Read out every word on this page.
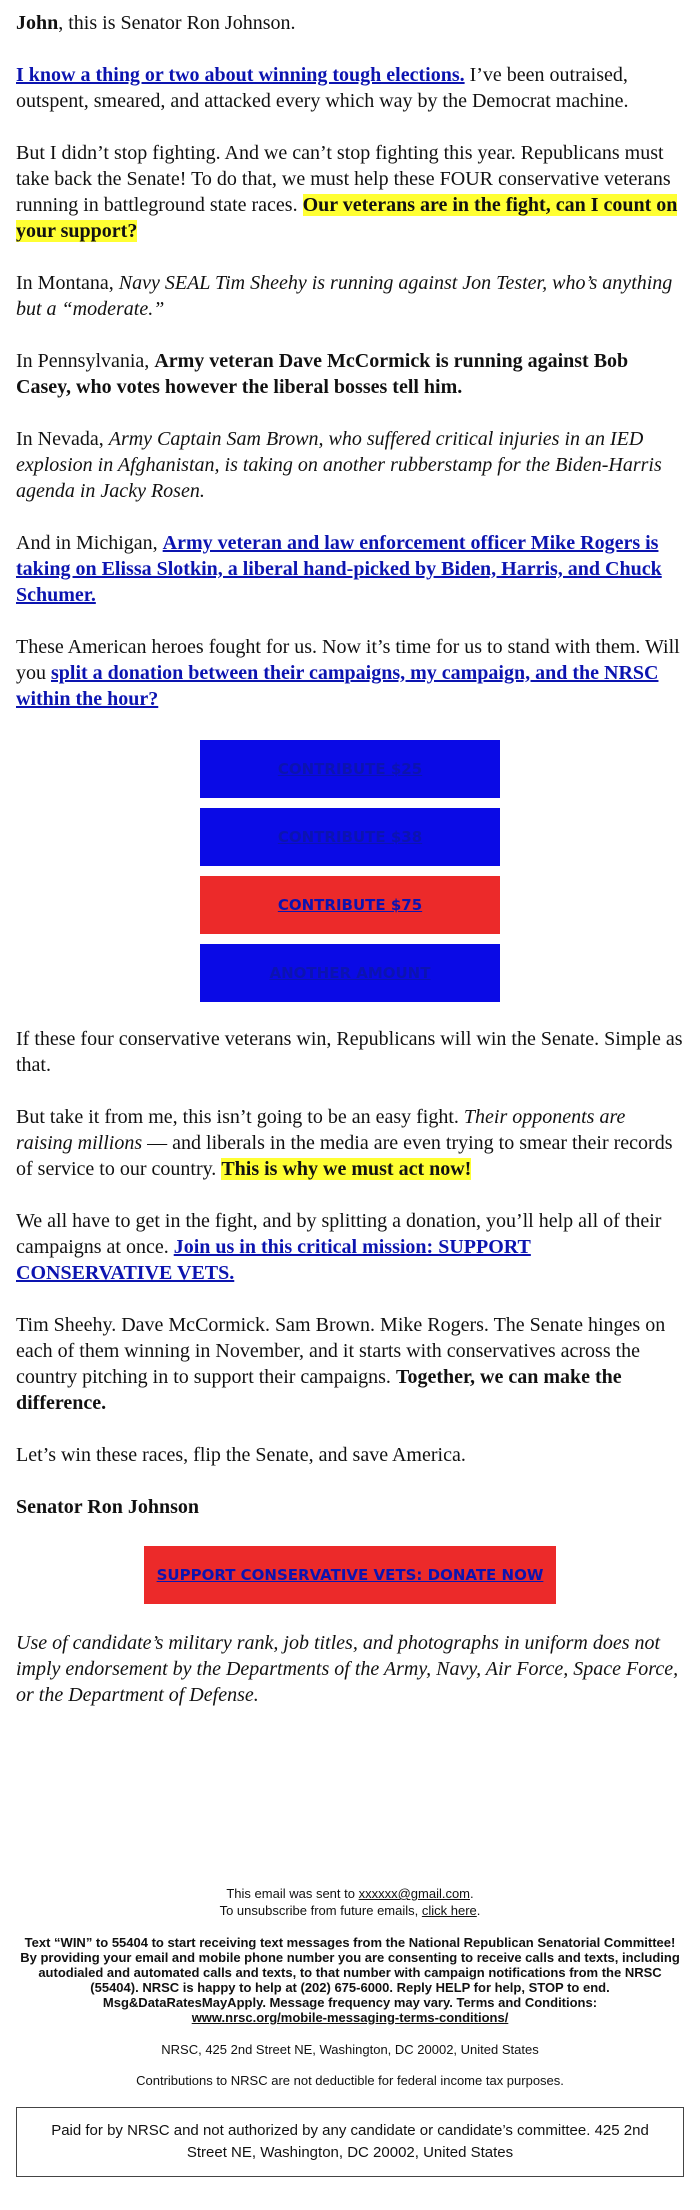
John, this is Senator Ron Johnson.

I know a thing or two about winning tough elections. I’ve been outraised, outspent, smeared, and attacked every which way by the Democrat machine.

But I didn’t stop fighting. And we can’t stop fighting this year. Republicans must take back the Senate! To do that, we must help these FOUR conservative veterans running in battleground state races. Our veterans are in the fight, can I count on your support?

In Montana, Navy SEAL Tim Sheehy is running against Jon Tester, who’s anything but a “moderate.”

In Pennsylvania, Army veteran Dave McCormick is running against Bob Casey, who votes however the liberal bosses tell him.

In Nevada, Army Captain Sam Brown, who suffered critical injuries in an IED explosion in Afghanistan, is taking on another rubberstamp for the Biden-Harris agenda in Jacky Rosen.

And in Michigan, Army veteran and law enforcement officer Mike Rogers is taking on Elissa Slotkin, a liberal hand-picked by Biden, Harris, and Chuck Schumer.

These American heroes fought for us. Now it’s time for us to stand with them. Will you split a donation between their campaigns, my campaign, and the NRSC within the hour?

CONTRIBUTE $25
CONTRIBUTE $38
CONTRIBUTE $75
ANOTHER AMOUNT

If these four conservative veterans win, Republicans will win the Senate. Simple as that.

But take it from me, this isn’t going to be an easy fight. Their opponents are raising millions — and liberals in the media are even trying to smear their records of service to our country. This is why we must act now!

We all have to get in the fight, and by splitting a donation, you’ll help all of their campaigns at once. Join us in this critical mission: SUPPORT CONSERVATIVE VETS.

Tim Sheehy. Dave McCormick. Sam Brown. Mike Rogers. The Senate hinges on each of them winning in November, and it starts with conservatives across the country pitching in to support their campaigns. Together, we can make the difference.

Let’s win these races, flip the Senate, and save America.

Senator Ron Johnson

SUPPORT CONSERVATIVE VETS: DONATE NOW

Use of candidate’s military rank, job titles, and photographs in uniform does not imply endorsement by the Departments of the Army, Navy, Air Force, Space Force, or the Department of Defense.

This email was sent to xxxxxx@gmail.com.
To unsubscribe from future emails, click here.
Text “WIN” to 55404 to start receiving text messages from the National Republican Senatorial Committee! By providing your email and mobile phone number you are consenting to receive calls and texts, including autodialed and automated calls and texts, to that number with campaign notifications from the NRSC (55404). NRSC is happy to help at (202) 675-6000. Reply HELP for help, STOP to end. Msg&DataRatesMayApply. Message frequency may vary. Terms and Conditions:
www.nrsc.org/mobile-messaging-terms-conditions/
NRSC, 425 2nd Street NE, Washington, DC 20002, United States
Contributions to NRSC are not deductible for federal income tax purposes.
Paid for by NRSC and not authorized by any candidate or candidate’s committee. 425 2nd Street NE, Washington, DC 20002, United States
